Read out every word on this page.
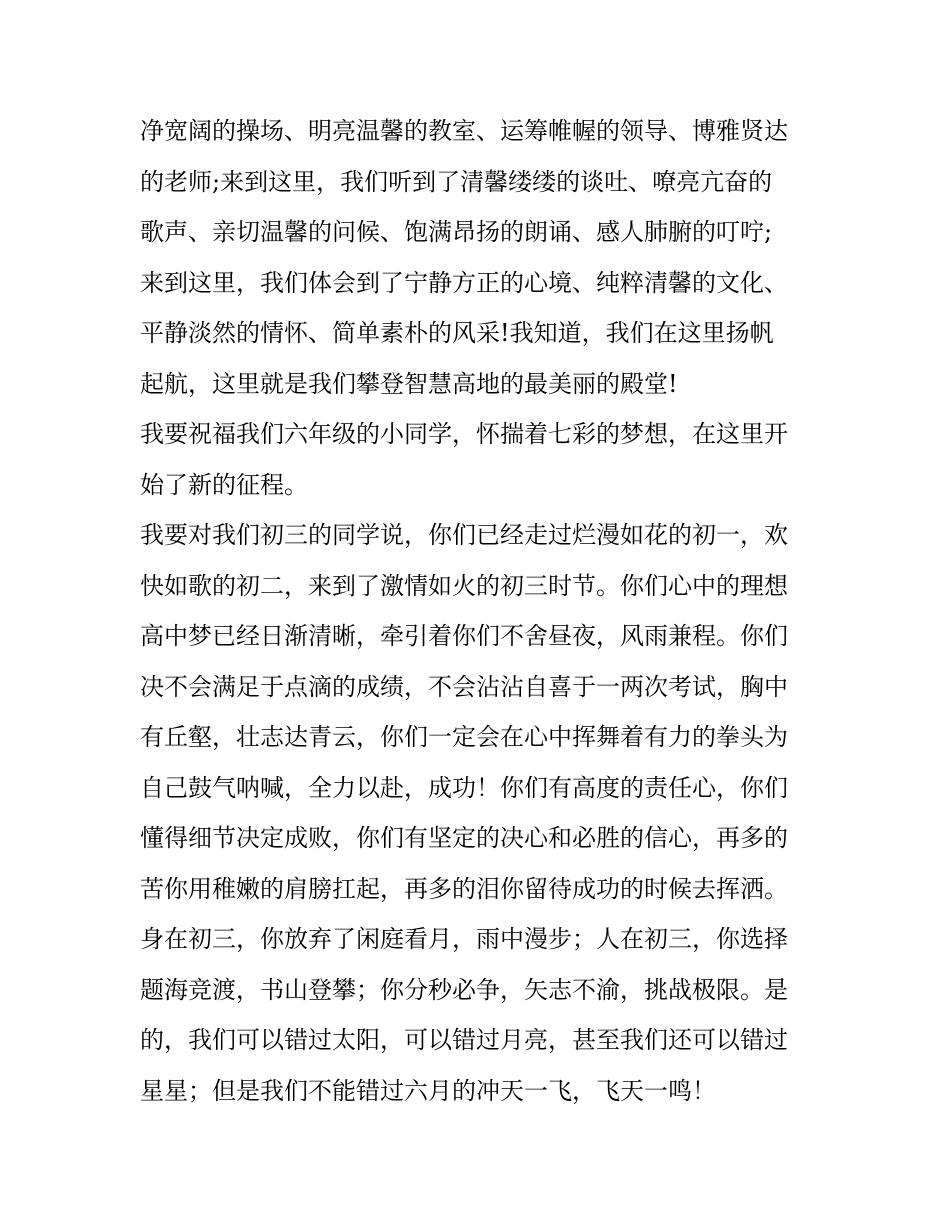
净宽阔的操场、明亮温馨的教室、运筹帷幄的领导、博雅贤达
的老师;来到这里，我们听到了清馨缕缕的谈吐、嘹亮亢奋的
歌声、亲切温馨的问候、饱满昂扬的朗诵、感人肺腑的叮咛;
来到这里，我们体会到了宁静方正的心境、纯粹清馨的文化、
平静淡然的情怀、简单素朴的风采!我知道，我们在这里扬帆
起航，这里就是我们攀登智慧高地的最美丽的殿堂!
我要祝福我们六年级的小同学，怀揣着七彩的梦想，在这里开
始了新的征程。
我要对我们初三的同学说，你们已经走过烂漫如花的初一，欢
快如歌的初二，来到了激情如火的初三时节。你们心中的理想
高中梦已经日渐清晰，牵引着你们不舍昼夜，风雨兼程。你们
决不会满足于点滴的成绩，不会沾沾自喜于一两次考试，胸中
有丘壑，壮志达青云，你们一定会在心中挥舞着有力的拳头为
自己鼓气呐喊，全力以赴，成功！你们有高度的责任心，你们
懂得细节决定成败，你们有坚定的决心和必胜的信心，再多的
苦你用稚嫩的肩膀扛起，再多的泪你留待成功的时候去挥洒。
身在初三，你放弃了闲庭看月，雨中漫步；人在初三，你选择
题海竞渡，书山登攀；你分秒必争，矢志不渝，挑战极限。是
的，我们可以错过太阳，可以错过月亮，甚至我们还可以错过
星星；但是我们不能错过六月的冲天一飞，飞天一鸣！
